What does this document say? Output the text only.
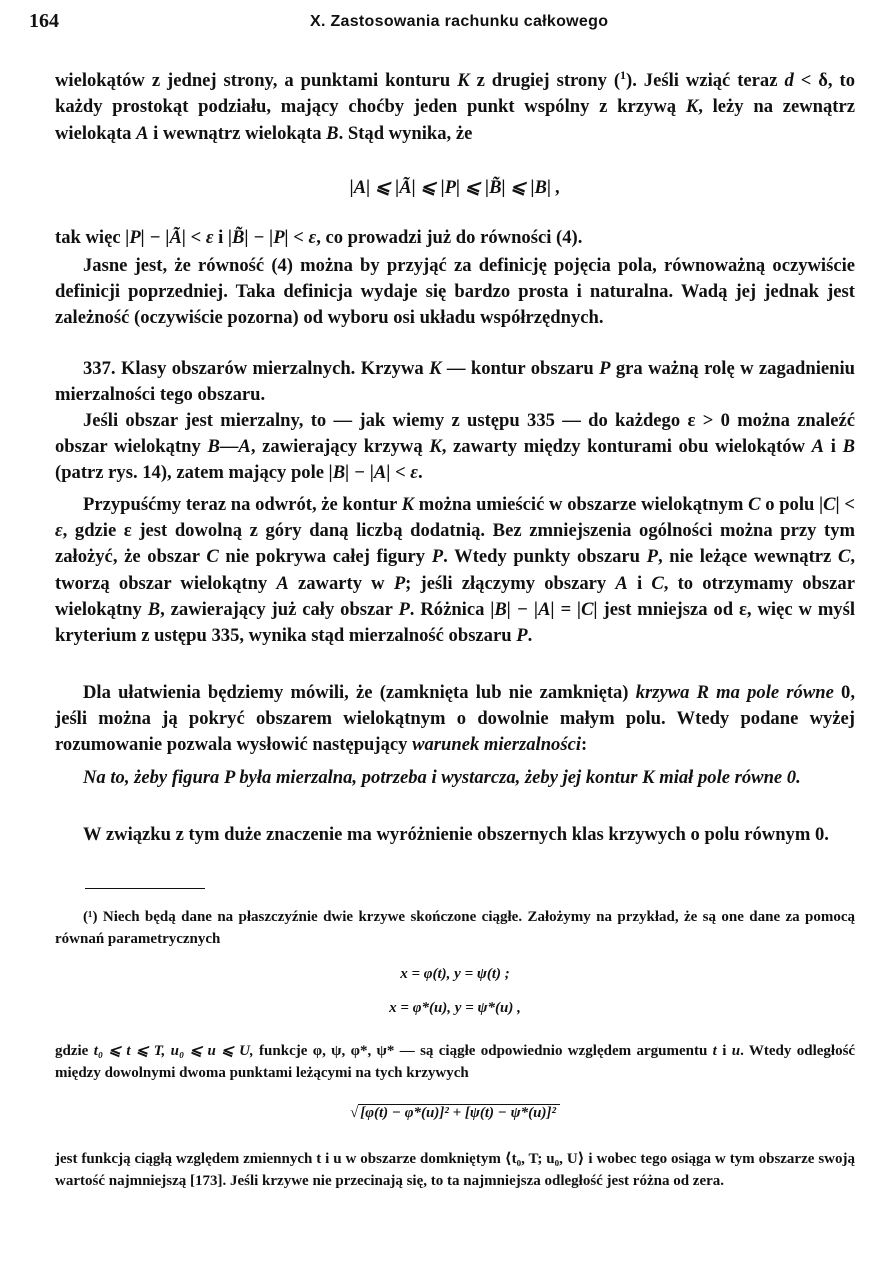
164	X. Zastosowania rachunku całkowego

wielokątów z jednej strony, a punktami konturu K z drugiej strony ($^1$). Jeśli wziąć teraz d < δ, to każdy prostokąt podziału, mający choćby jeden punkt wspólny z krzywą K, leży na zewnątrz wielokąta A i wewnątrz wielokąta B. Stąd wynika, że

|A| ⩽ |Ã| ⩽ |P| ⩽ |B̃| ⩽ |B| ,

tak więc |P| − |Ã| < ε i |B̃| − |P| < ε, co prowadzi już do równości (4).

Jasne jest, że równość (4) można by przyjąć za definicję pojęcia pola, równoważną oczywiście definicji poprzedniej. Taka definicja wydaje się bardzo prosta i naturalna. Wadą jej jednak jest zależność (oczywiście pozorna) od wyboru osi układu współrzędnych.

337. Klasy obszarów mierzalnych. Krzywa K — kontur obszaru P gra ważną rolę w zagadnieniu mierzalności tego obszaru.

Jeśli obszar jest mierzalny, to — jak wiemy z ustępu 335 — do każdego ε > 0 można znaleźć obszar wielokątny B—A, zawierający krzywą K, zawarty między konturami obu wielokątów A i B (patrz rys. 14), zatem mający pole |B| − |A| < ε.

Przypuśćmy teraz na odwrót, że kontur K można umieścić w obszarze wielokątnym C o polu |C| < ε, gdzie ε jest dowolną z góry daną liczbą dodatnią. Bez zmniejszenia ogólności można przy tym założyć, że obszar C nie pokrywa całej figury P. Wtedy punkty obszaru P, nie leżące wewnątrz C, tworzą obszar wielokątny A zawarty w P; jeśli złączymy obszary A i C, to otrzymamy obszar wielokątny B, zawierający już cały obszar P. Różnica |B| − |A| = |C| jest mniejsza od ε, więc w myśl kryterium z ustępu 335, wynika stąd mierzalność obszaru P.

Dla ułatwienia będziemy mówili, że (zamknięta lub nie zamknięta) krzywa R ma pole równe 0, jeśli można ją pokryć obszarem wielokątnym o dowolnie małym polu. Wtedy podane wyżej rozumowanie pozwala wysłowić następujący warunek mierzalności:

Na to, żeby figura P była mierzalna, potrzeba i wystarcza, żeby jej kontur K miał pole równe 0.

W związku z tym duże znaczenie ma wyróżnienie obszernych klas krzywych o polu równym 0.

(¹) Niech będą dane na płaszczyźnie dwie krzywe skończone ciągłe. Założymy na przykład, że są one dane za pomocą równań parametrycznych

x = φ(t), y = ψ(t) ;
x = φ*(u), y = ψ*(u) ,

gdzie t₀ ⩽ t ⩽ T, u₀ ⩽ u ⩽ U, funkcje φ, ψ, φ*, ψ* — są ciągłe odpowiednio względem argumentu t i u. Wtedy odległość między dowolnymi dwoma punktami leżącymi na tych krzywych

√ [φ(t) − φ*(u)]² + [ψ(t) − ψ*(u)]²

jest funkcją ciągłą względem zmiennych t i u w obszarze domkniętym ⟨t₀, T; u₀, U⟩ i wobec tego osiąga w tym obszarze swoją wartość najmniejszą [173]. Jeśli krzywe nie przecinają się, to ta najmniejsza odległość jest różna od zera.
